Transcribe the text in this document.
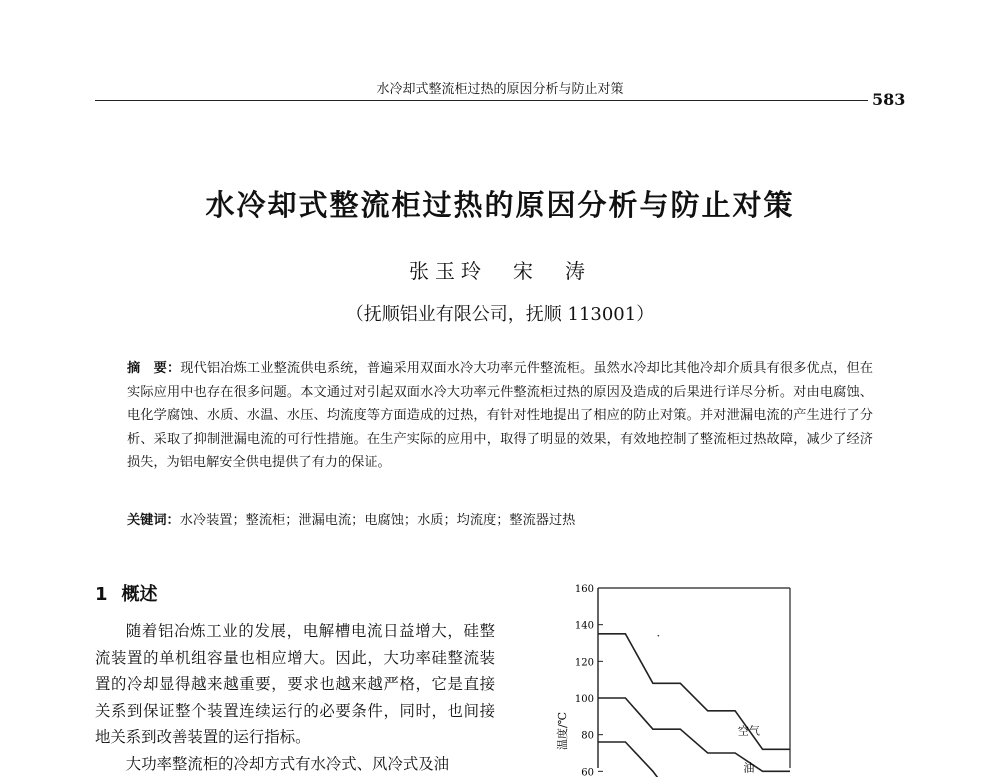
水冷却式整流柜过热的原因分析与防止对策
583
水冷却式整流柜过热的原因分析与防止对策
张玉玲　宋　涛
（抚顺铝业有限公司，抚顺 113001）
摘　要：现代铝冶炼工业整流供电系统，普遍采用双面水冷大功率元件整流柜。虽然水冷却比其他冷却介质具有很多优点，但在实际应用中也存在很多问题。本文通过对引起双面水冷大功率元件整流柜过热的原因及造成的后果进行详尽分析。对由电腐蚀、电化学腐蚀、水质、水温、水压、均流度等方面造成的过热，有针对性地提出了相应的防止对策。并对泄漏电流的产生进行了分析、采取了抑制泄漏电流的可行性措施。在生产实际的应用中，取得了明显的效果，有效地控制了整流柜过热故障，减少了经济损失，为铝电解安全供电提供了有力的保证。
关键词：水冷装置；整流柜；泄漏电流；电腐蚀；水质；均流度；整流器过热
1 概述

随着铝冶炼工业的发展，电解槽电流日益增大，硅整流装置的单机组容量也相应增大。因此，大功率硅整流装置的冷却显得越来越重要，要求也越来越严格，它是直接关系到保证整个装置连续运行的必要条件，同时，也间接地关系到改善装置的运行指标。

大功率整流柜的冷却方式有水冷式、风冷式及油

160
140
120
100
80
60
温度/℃	空气
油
